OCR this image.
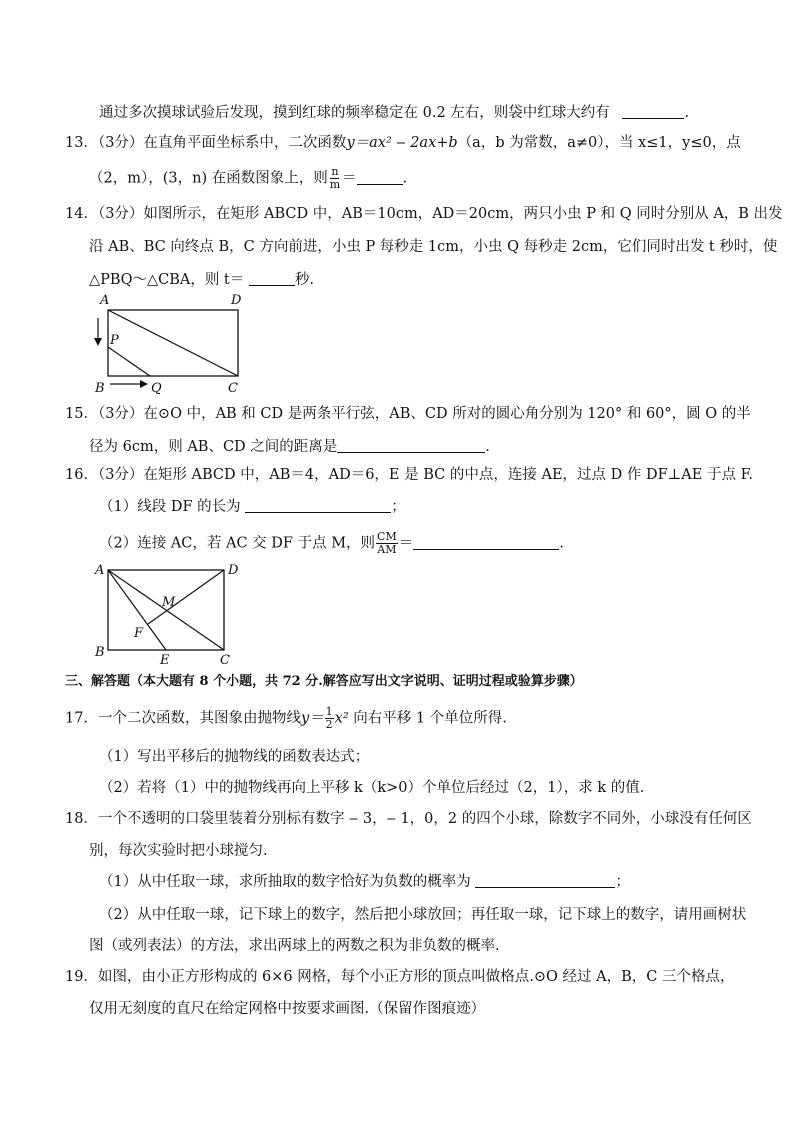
通过多次摸球试验后发现，摸到红球的频率稳定在 0.2 左右，则袋中红球大约有	.
13．（3分）在直角平面坐标系中，二次函数y＝ax² ‒ 2ax+b（a，b 为常数，a≠0），当 x≤1，y≤0，点
（2，m），(3，n) 在函数图象上，则 $\frac{n}{m}$ ＝	.
14．（3分）如图所示，在矩形 ABCD 中，AB＝10cm，AD＝20cm，两只小虫 P 和 Q 同时分别从 A，B 出发
沿 AB、BC 向终点 B，C 方向前进，小虫 P 每秒走 1cm，小虫 Q 每秒走 2cm，它们同时出发 t 秒时，使
△PBQ～△CBA，则 t＝	秒.
A	D
P
B	Q	C
15．（3分）在⊙O 中，AB 和 CD 是两条平行弦，AB、CD 所对的圆心角分别为 120° 和 60°，圆 O 的半
径为 6cm，则 AB、CD 之间的距离是	.
16．（3分）在矩形 ABCD 中，AB＝4，AD＝6，E 是 BC 的中点，连接 AE，过点 D 作 DF⊥AE 于点 F.
（1）线段 DF 的长为	；
（2）连接 AC，若 AC 交 DF 于点 M，则 $\frac{CM}{AM}$ ＝	.
A	D
M
F
B
E	C
三、解答题（本大题有 8 个小题，共 72 分.解答应写出文字说明、证明过程或验算步骤）
17．一个二次函数，其图象由抛物线$y= \frac{1}{2} x^2$ 向右平移 1 个单位所得.
（1）写出平移后的抛物线的函数表达式；
（2）若将（1）中的抛物线再向上平移 k（k>0）个单位后经过（2，1），求 k 的值.
18．一个不透明的口袋里装着分别标有数字 ‒ 3，‒ 1，0，2 的四个小球，除数字不同外，小球没有任何区
别，每次实验时把小球搅匀.
（1）从中任取一球，求所抽取的数字恰好为负数的概率为	；
（2）从中任取一球，记下球上的数字，然后把小球放回；再任取一球，记下球上的数字，请用画树状
图（或列表法）的方法，求出两球上的两数之积为非负数的概率.
19．如图，由小正方形构成的 6×6 网格，每个小正方形的顶点叫做格点.⊙O 经过 A，B，C 三个格点，
仅用无刻度的直尺在给定网格中按要求画图.（保留作图痕迹）
